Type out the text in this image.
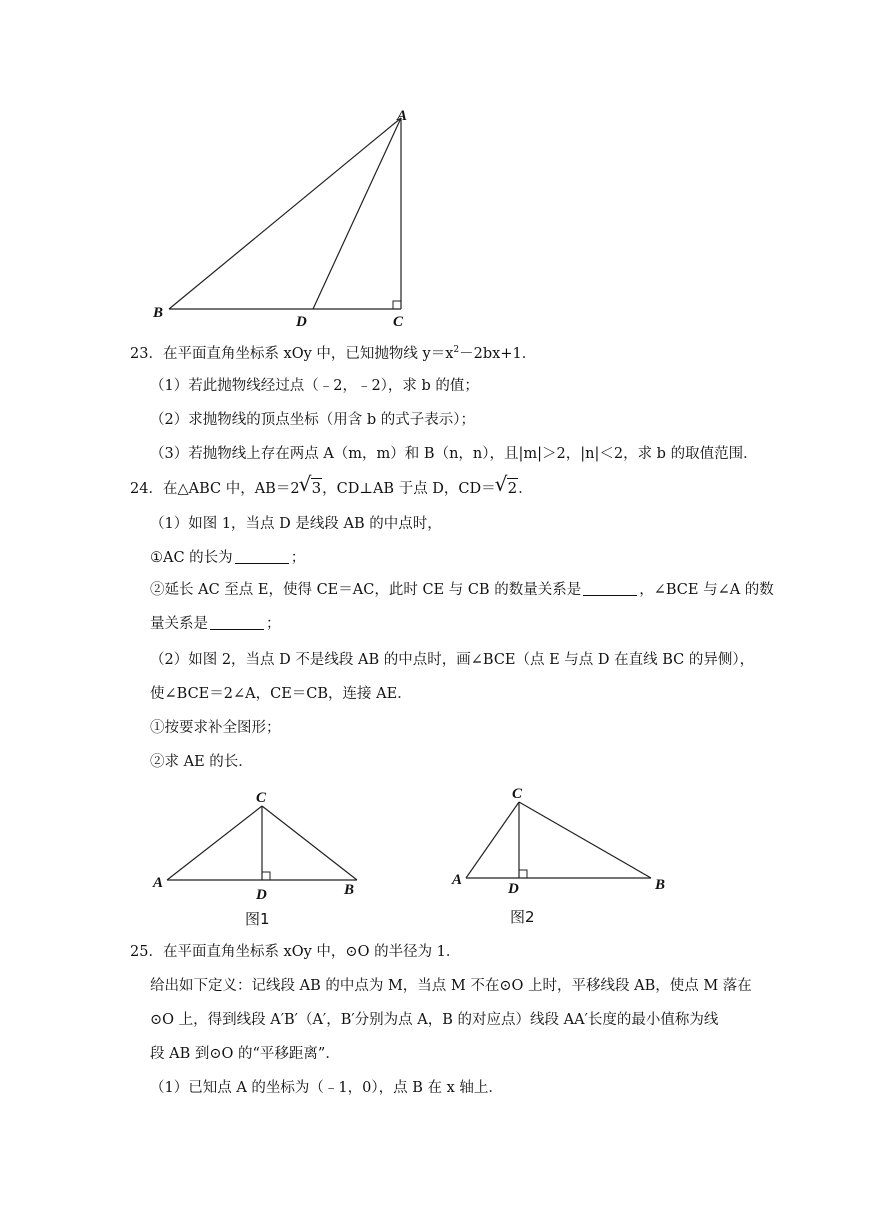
A
B
D	C
23．在平面直角坐标系 xOy 中，已知抛物线 $y=x^2-2bx+1$．
（1）若此抛物线经过点（﹣2，﹣2），求 b 的值；
（2）求抛物线的顶点坐标（用含 b 的式子表示）；
（3）若抛物线上存在两点 A（m，m）和 B（n，n），且|m|＞2，|n|＜2，求 b 的取值范围．
24．在△ABC 中，AB＝2 √ 3，CD⊥AB 于点 D，CD＝ √ 2．
（1）如图 1，当点 D 是线段 AB 的中点时，
①AC 的长为	；
②延长 AC 至点 E，使得 CE＝AC，此时 CE 与 CB 的数量关系是	，∠BCE 与∠A 的数
量关系是	；
（2）如图 2，当点 D 不是线段 AB 的中点时，画∠BCE（点 E 与点 D 在直线 BC 的异侧），
使∠BCE＝2∠A，CE＝CB，连接 AE．
①按要求补全图形；
②求 AE 的长．
C
A
D	B
图1
C
A
D	B
图2
25．在平面直角坐标系 xOy 中，⊙O 的半径为 1．
给出如下定义：记线段 AB 的中点为 M，当点 M 不在⊙O 上时，平移线段 AB，使点 M 落在
⊙O 上，得到线段 A′B′（A′，B′分别为点 A，B 的对应点）线段 AA′长度的最小值称为线
段 AB 到⊙O 的“平移距离”．
（1）已知点 A 的坐标为（﹣1，0），点 B 在 x 轴上．
